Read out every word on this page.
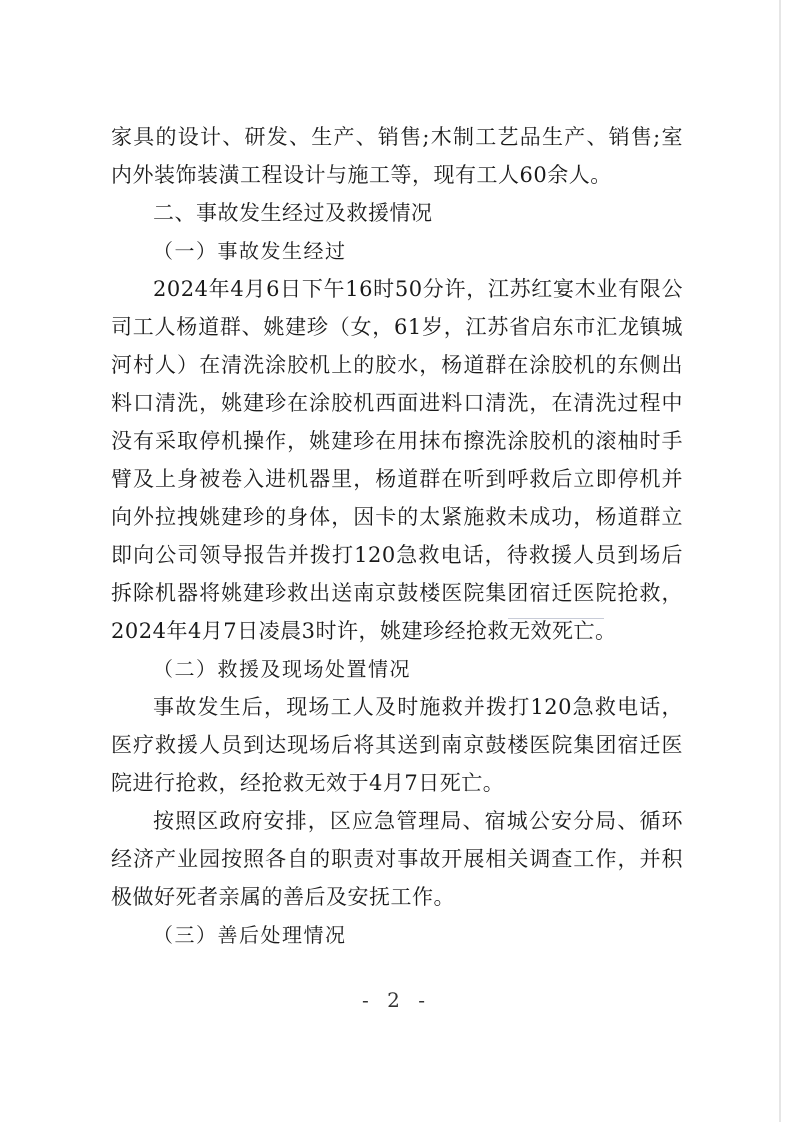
家具的设计、研发、生产、销售;木制工艺品生产、销售;室内外装饰装潢工程设计与施工等，现有工人60余人。

二、事故发生经过及救援情况

（一）事故发生经过

2024年4月6日下午16时50分许，江苏红宴木业有限公司工人杨道群、姚建珍（女，61岁，江苏省启东市汇龙镇城河村人）在清洗涂胶机上的胶水，杨道群在涂胶机的东侧出料口清洗，姚建珍在涂胶机西面进料口清洗，在清洗过程中没有采取停机操作，姚建珍在用抹布擦洗涂胶机的滚柚时手臂及上身被卷入进机器里，杨道群在听到呼救后立即停机并向外拉拽姚建珍的身体，因卡的太紧施救未成功，杨道群立即向公司领导报告并拨打120急救电话，待救援人员到场后拆除机器将姚建珍救出送南京鼓楼医院集团宿迁医院抢救，2024年4月7日凌晨3时许，姚建珍经抢救无效死亡。

（二）救援及现场处置情况

事故发生后，现场工人及时施救并拨打120急救电话，医疗救援人员到达现场后将其送到南京鼓楼医院集团宿迁医院进行抢救，经抢救无效于4月7日死亡。

按照区政府安排，区应急管理局、宿城公安分局、循环经济产业园按照各自的职责对事故开展相关调查工作，并积极做好死者亲属的善后及安抚工作。

（三）善后处理情况

- 2 -
